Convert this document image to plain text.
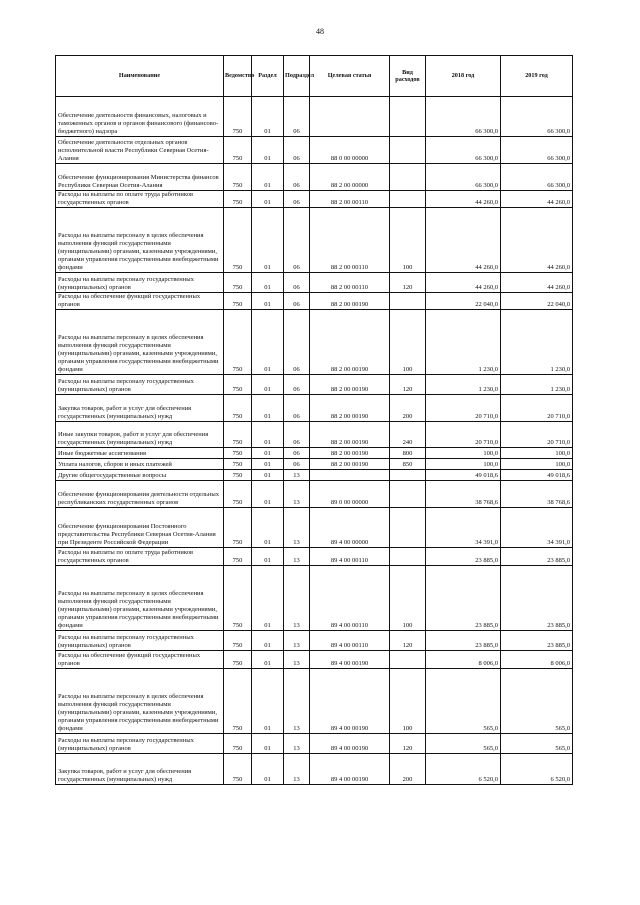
48
Наименование	Ведомство	Раздел	Подраздел	Целевая статья	Вид расходов	2018 год	2019 год
Обеспечение деятельности финансовых, налоговых и таможенных органов и органов финансового (финансово-бюджетного) надзора	750	01	06			66 300,0	66 300,0
Обеспечение деятельности отдельных органов исполнительной власти Республики Северная Осетия-Алания	750	01	06	88 0 00 00000		66 300,0	66 300,0
Обеспечение функционирования Министерства финансов Республики Северная Осетия-Алания	750	01	06	88 2 00 00000		66 300,0	66 300,0
Расходы на выплаты по оплате труда работников государственных органов	750	01	06	88 2 00 00110		44 260,0	44 260,0
Расходы на выплаты персоналу в целях обеспечения выполнения функций государственными (муниципальными) органами, казенными учреждениями, органами управления государственными внебюджетными фондами	750	01	06	88 2 00 00110	100	44 260,0	44 260,0
Расходы на выплаты персоналу государственных (муниципальных) органов	750	01	06	88 2 00 00110	120	44 260,0	44 260,0
Расходы на обеспечение функций государственных органов	750	01	06	88 2 00 00190		22 040,0	22 040,0
Расходы на выплаты персоналу в целях обеспечения выполнения функций государственными (муниципальными) органами, казенными учреждениями, органами управления государственными внебюджетными фондами	750	01	06	88 2 00 00190	100	1 230,0	1 230,0
Расходы на выплаты персоналу государственных (муниципальных) органов	750	01	06	88 2 00 00190	120	1 230,0	1 230,0
Закупка товаров, работ и услуг для обеспечения государственных (муниципальных) нужд	750	01	06	88 2 00 00190	200	20 710,0	20 710,0
Иные закупки товаров, работ и услуг для обеспечения государственных (муниципальных) нужд	750	01	06	88 2 00 00190	240	20 710,0	20 710,0
Иные бюджетные ассигнования	750	01	06	88 2 00 00190	800	100,0	100,0
Уплата налогов, сборов и иных платежей	750	01	06	88 2 00 00190	850	100,0	100,0
Другие общегосударственные вопросы	750	01	13			49 018,6	49 018,6
Обеспечение функционирования деятельности отдельных республиканских государственных органов	750	01	13	89 0 00 00000		38 768,6	38 768,6
Обеспечение функционирования Постоянного представительства Республики Северная Осетия-Алания при Президенте Российской Федерации	750	01	13	89 4 00 00000		34 391,0	34 391,0
Расходы на выплаты по оплате труда работников государственных органов	750	01	13	89 4 00 00110		23 885,0	23 885,0
Расходы на выплаты персоналу в целях обеспечения выполнения функций государственными (муниципальными) органами, казенными учреждениями, органами управления государственными внебюджетными фондами	750	01	13	89 4 00 00110	100	23 885,0	23 885,0
Расходы на выплаты персоналу государственных (муниципальных) органов	750	01	13	89 4 00 00110	120	23 885,0	23 885,0
Расходы на обеспечение функций государственных органов	750	01	13	89 4 00 00190		8 006,0	8 006,0
Расходы на выплаты персоналу в целях обеспечения выполнения функций государственными (муниципальными) органами, казенными учреждениями, органами управления государственными внебюджетными фондами	750	01	13	89 4 00 00190	100	565,0	565,0
Расходы на выплаты персоналу государственных (муниципальных) органов	750	01	13	89 4 00 00190	120	565,0	565,0
Закупка товаров, работ и услуг для обеспечения государственных (муниципальных) нужд	750	01	13	89 4 00 00190	200	6 520,0	6 520,0
